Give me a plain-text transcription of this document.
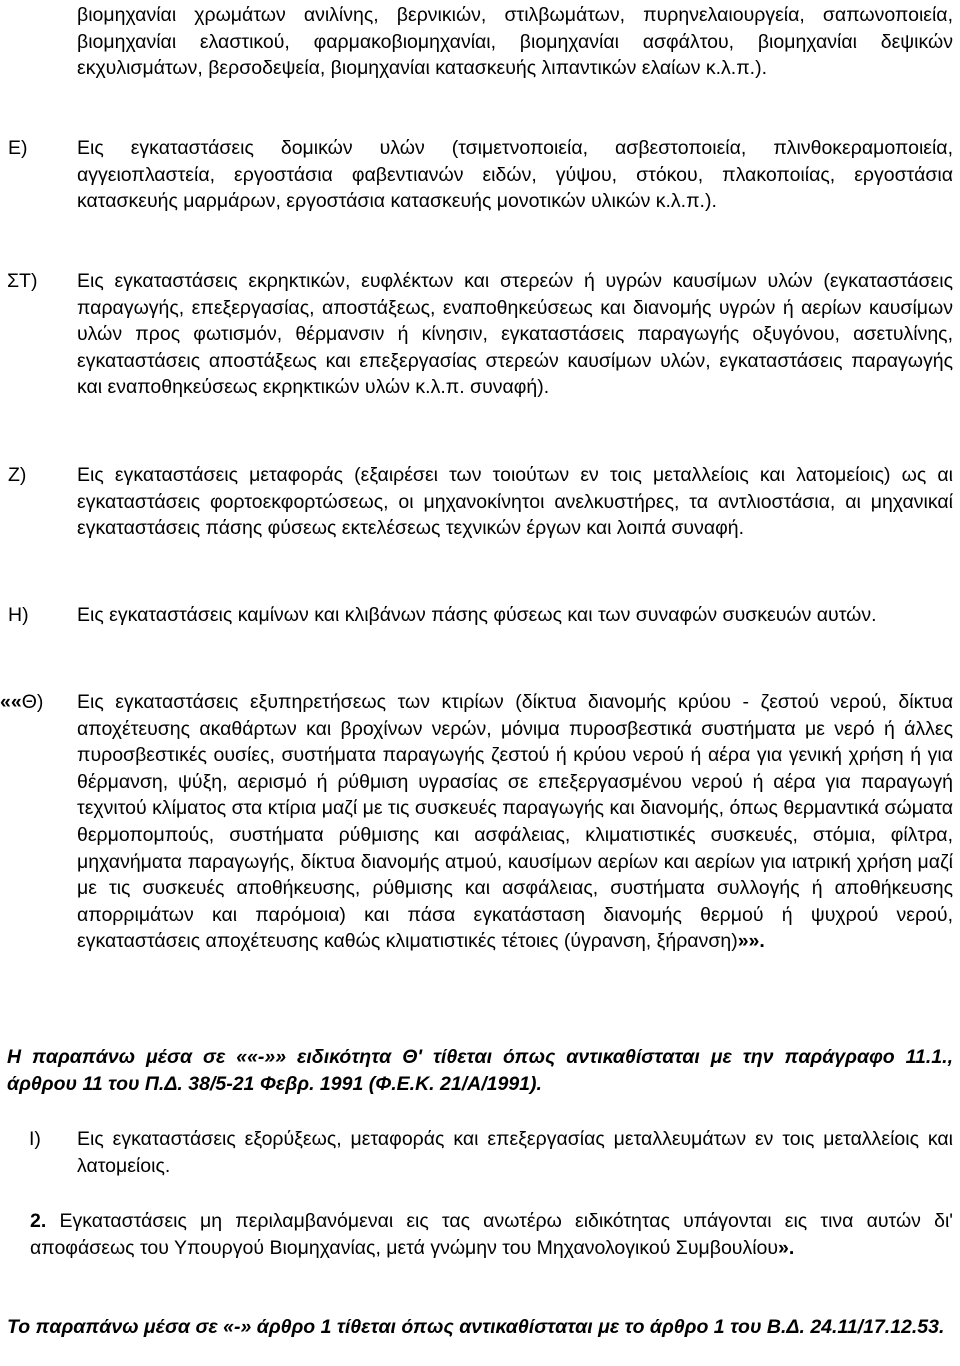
βιομηχανίαι χρωμάτων ανιλίνης, βερνικιών, στιλβωμάτων, πυρηνελαιουργεία, σαπωνοποιεία, βιομηχανίαι ελαστικού, φαρμακοβιομηχανίαι, βιομηχανίαι ασφάλτου, βιομηχανίαι δεψικών εκχυλισμάτων, βερσοδεψεία, βιομηχανίαι κατασκευής λιπαντικών ελαίων κ.λ.π.).

Ε)	Εις εγκαταστάσεις δομικών υλών (τσιμετνοποιεία, ασβεστοποιεία, πλινθοκεραμοποιεία, αγγειοπλαστεία, εργοστάσια φαβεντιανών ειδών, γύψου, στόκου, πλακοποιίας, εργοστάσια κατασκευής μαρμάρων, εργοστάσια κατασκευής μονοτικών υλικών κ.λ.π.).

ΣΤ) Εις εγκαταστάσεις εκρηκτικών, ευφλέκτων και στερεών ή υγρών καυσίμων υλών (εγκαταστάσεις παραγωγής, επεξεργασίας, αποστάξεως, εναποθηκεύσεως και διανομής υγρών ή αερίων καυσίμων υλών προς φωτισμόν, θέρμανσιν ή κίνησιν, εγκαταστάσεις παραγωγής οξυγόνου, ασετυλίνης, εγκαταστάσεις αποστάξεως και επεξεργασίας στερεών καυσίμων υλών, εγκαταστάσεις παραγωγής και εναποθηκεύσεως εκρηκτικών υλών κ.λ.π. συναφή).

Ζ)	Εις εγκαταστάσεις μεταφοράς (εξαιρέσει των τοιούτων εν τοις μεταλλείοις και λατομείοις) ως αι εγκαταστάσεις φορτοεκφορτώσεως, οι μηχανοκίνητοι ανελκυστήρες, τα αντλιοστάσια, αι μηχανικαί εγκαταστάσεις πάσης φύσεως εκτελέσεως τεχνικών έργων και λοιπά συναφή.

Η) Εις εγκαταστάσεις καμίνων και κλιβάνων πάσης φύσεως και των συναφών συσκευών αυτών.

««Θ) Εις εγκαταστάσεις εξυπηρετήσεως των κτιρίων (δίκτυα διανομής κρύου - ζεστού νερού, δίκτυα αποχέτευσης ακαθάρτων και βροχίνων νερών, μόνιμα πυροσβεστικά συστήματα με νερό ή άλλες πυροσβεστικές ουσίες, συστήματα παραγωγής ζεστού ή κρύου νερού ή αέρα για γενική χρήση ή για θέρμανση, ψύξη, αερισμό ή ρύθμιση υγρασίας σε επεξεργασμένου νερού ή αέρα για παραγωγή τεχνιτού κλίματος στα κτίρια μαζί με τις συσκευές παραγωγής και διανομής, όπως θερμαντικά σώματα θερμοπομπούς, συστήματα ρύθμισης και ασφάλειας, κλιματιστικές συσκευές, στόμια, φίλτρα, μηχανήματα παραγωγής, δίκτυα διανομής ατμού, καυσίμων αερίων και αερίων για ιατρική χρήση μαζί με τις συσκευές αποθήκευσης, ρύθμισης και ασφάλειας, συστήματα συλλογής ή αποθήκευσης απορριμάτων και παρόμοια) και πάσα εγκατάσταση διανομής θερμού ή ψυχρού νερού, εγκαταστάσεις αποχέτευσης καθώς κλιματιστικές τέτοιες (ύγρανση, ξήρανση)»».

Η παραπάνω μέσα σε ««-»» ειδικότητα Θ' τίθεται όπως αντικαθίσταται με την παράγραφο 11.1., άρθρου 11 του Π.Δ. 38/5-21 Φεβρ. 1991 (Φ.Ε.Κ. 21/Α/1991).

Ι) Εις εγκαταστάσεις εξορύξεως, μεταφοράς και επεξεργασίας μεταλλευμάτων εν τοις μεταλλείοις και λατομείοις.

2. Εγκαταστάσεις μη περιλαμβανόμεναι εις τας ανωτέρω ειδικότητας υπάγονται εις τινα αυτών δι' αποφάσεως του Υπουργού Βιομηχανίας, μετά γνώμην του Μηχανολογικού Συμβουλίου».

Το παραπάνω μέσα σε «-» άρθρο 1 τίθεται όπως αντικαθίσταται με το άρθρο 1 του Β.Δ. 24.11/17.12.53.
